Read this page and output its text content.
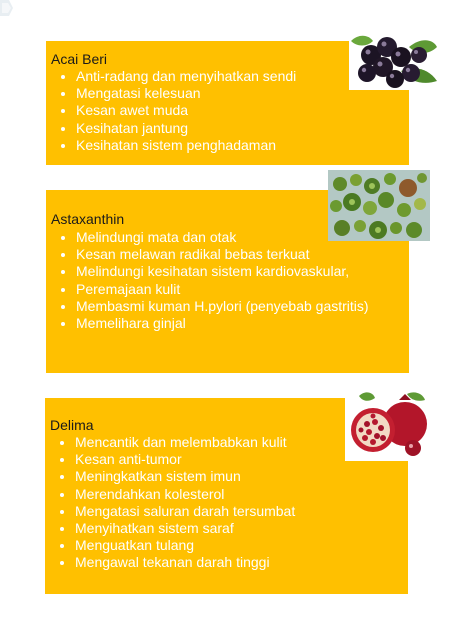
Acai Beri
• Anti-radang dan menyihatkan sendi
• Mengatasi kelesuan
• Kesan awet muda
• Kesihatan jantung
• Kesihatan sistem penghadaman
Astaxanthin
• Melindungi mata dan otak
• Kesan melawan radikal bebas terkuat
• Melindungi kesihatan sistem kardiovaskular,
• Peremajaan kulit
• Membasmi kuman H.pylori (penyebab gastritis)
• Memelihara ginjal
Delima
• Mencantik dan melembabkan kulit
• Kesan anti-tumor
• Meningkatkan sistem imun
• Merendahkan kolesterol
• Mengatasi saluran darah tersumbat
• Menyihatkan sistem saraf
• Menguatkan tulang
• Mengawal tekanan darah tinggi
